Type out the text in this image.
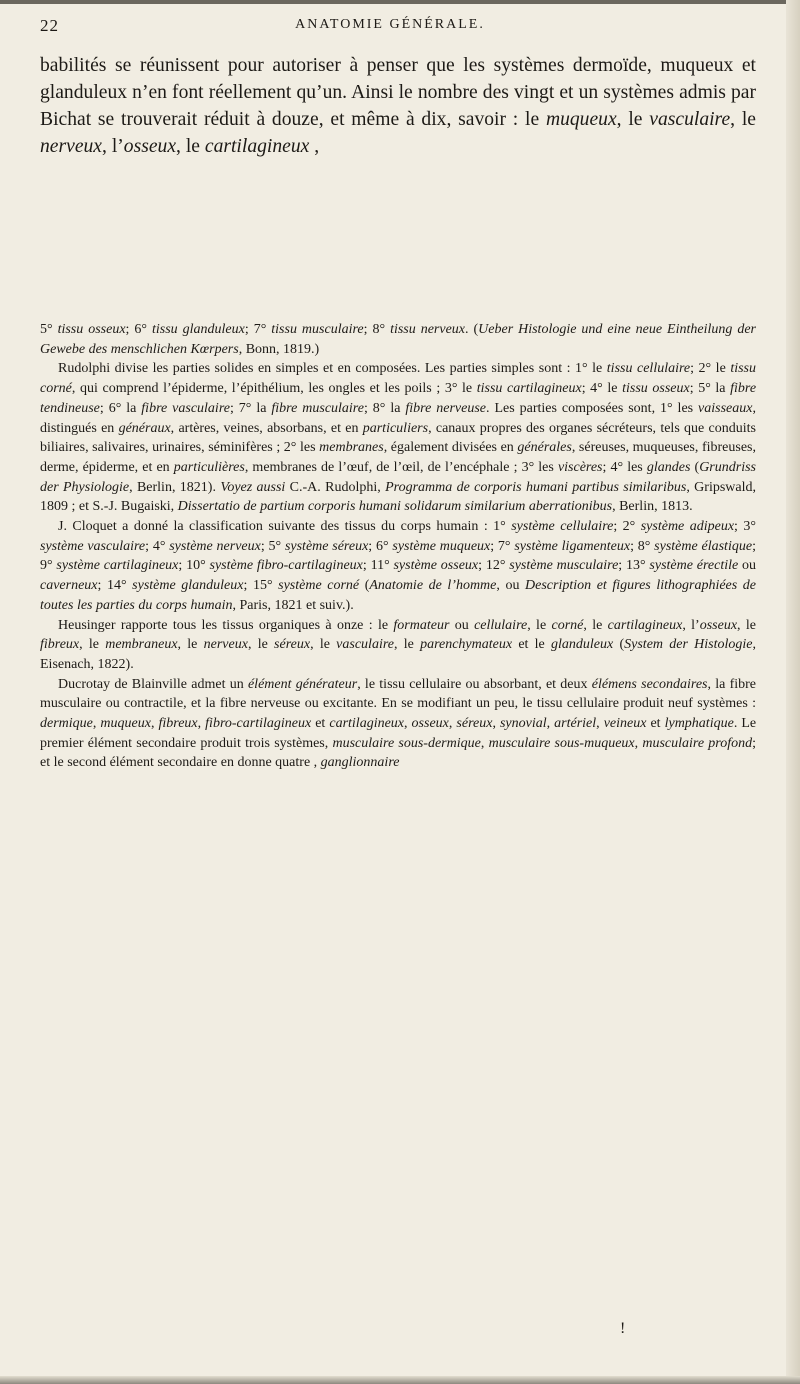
22	ANATOMIE GÉNÉRALE.

babilités se réunissent pour autoriser à penser que les systèmes dermoïde, muqueux et glanduleux n’en font réellement qu’un. Ainsi le nombre des vingt et un systèmes admis par Bichat se trouverait réduit à douze, et même à dix, savoir : le muqueux, le vasculaire, le nerveux, l’osseux, le cartilagineux ,

5° tissu osseux; 6° tissu glanduleux; 7° tissu musculaire; 8° tissu nerveux. (Ueber Histologie und eine neue Eintheilung der Gewebe des menschlichen Kœrpers, Bonn, 1819.)

Rudolphi divise les parties solides en simples et en composées. Les parties simples sont : 1° le tissu cellulaire; 2° le tissu corné, qui comprend l’épiderme, l’épithélium, les ongles et les poils ; 3° le tissu cartilagineux; 4° le tissu osseux; 5° la fibre tendineuse; 6° la fibre vasculaire; 7° la fibre musculaire; 8° la fibre nerveuse. Les parties composées sont, 1° les vaisseaux, distingués en généraux, artères, veines, absorbans, et en particuliers, canaux propres des organes sécréteurs, tels que conduits biliaires, salivaires, urinaires, séminifères ; 2° les membranes, également divisées en générales, séreuses, muqueuses, fibreuses, derme, épiderme, et en particulières, membranes de l’œuf, de l’œil, de l’encéphale ; 3° les viscères; 4° les glandes (Grundriss der Physiologie, Berlin, 1821). Voyez aussi C.-A. Rudolphi, Programma de corporis humani partibus similaribus, Gripswald, 1809 ; et S.-J. Bugaiski, Dissertatio de partium corporis humani solidarum similarium aberrationibus, Berlin, 1813.

J. Cloquet a donné la classification suivante des tissus du corps humain : 1° système cellulaire; 2° système adipeux; 3° système vasculaire; 4° système nerveux; 5° système séreux; 6° système muqueux; 7° système ligamenteux; 8° système élastique; 9° système cartilagineux; 10° système fibro-cartilagineux; 11° système osseux; 12° système musculaire; 13° système érectile ou caverneux; 14° système glanduleux; 15° système corné (Anatomie de l’homme, ou Description et figures lithographiées de toutes les parties du corps humain, Paris, 1821 et suiv.).

Heusinger rapporte tous les tissus organiques à onze : le formateur ou cellulaire, le corné, le cartilagineux, l’osseux, le fibreux, le membraneux, le nerveux, le séreux, le vasculaire, le parenchymateux et le glanduleux (System der Histologie, Eisenach, 1822).

Ducrotay de Blainville admet un élément générateur, le tissu cellulaire ou absorbant, et deux élémens secondaires, la fibre musculaire ou contractile, et la fibre nerveuse ou excitante. En se modifiant un peu, le tissu cellulaire produit neuf systèmes : dermique, muqueux, fibreux, fibro-cartilagineux et cartilagineux, osseux, séreux, synovial, artériel, veineux et lymphatique. Le premier élément secondaire produit trois systèmes, musculaire sous-dermique, musculaire sous-muqueux, musculaire profond; et le second élément secondaire en donne quatre , ganglionnaire

!
